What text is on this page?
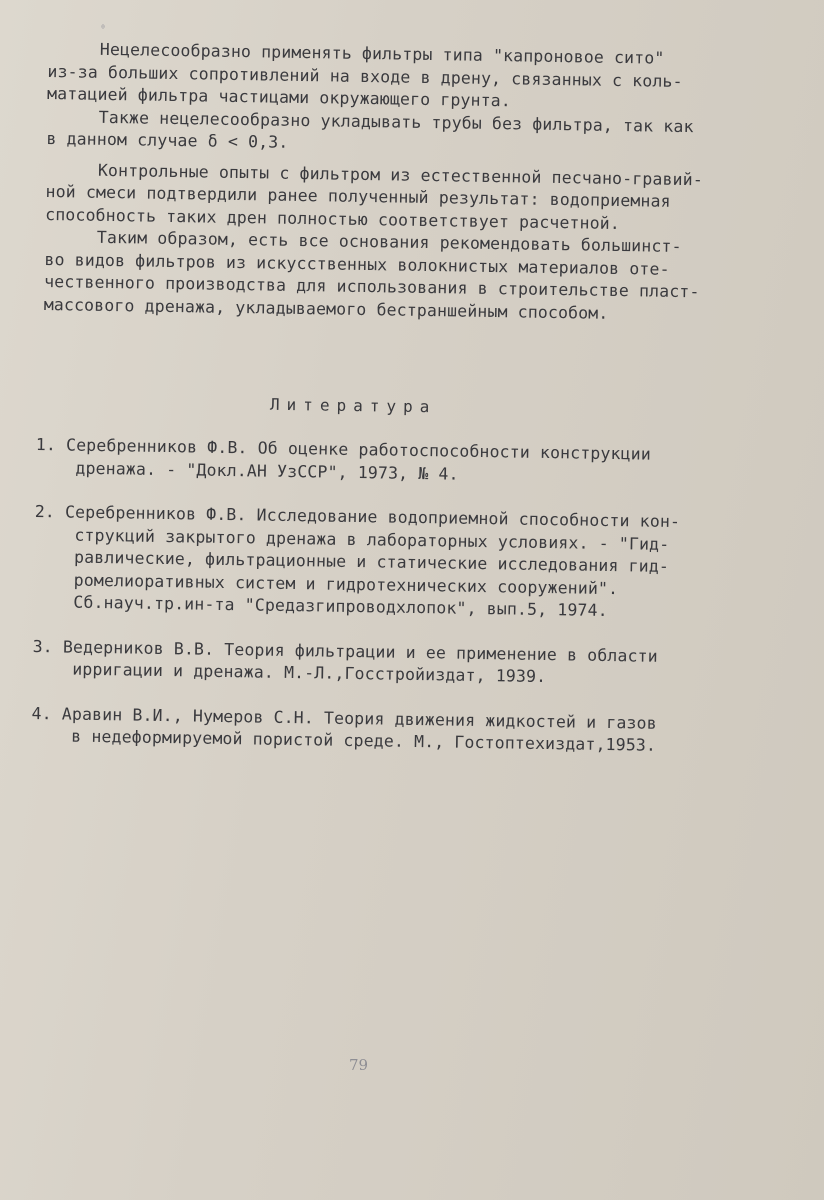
⁰

Нецелесообразно применять фильтры типа "капроновое сито"
из-за больших сопротивлений на входе в дрену, связанных с коль-
матацией фильтра частицами окружающего грунта.

Также нецелесообразно укладывать трубы без фильтра, так как
в данном случае δ < 0,3.

Контрольные опыты с фильтром из естественной песчано-гравий-
ной смеси подтвердили ранее полученный результат: водоприемная
способность таких дрен полностью соответствует расчетной.

Таким образом, есть все основания рекомендовать большинст-
во видов фильтров из искусственных волокнистых материалов оте-
чественного производства для использования в строительстве пласт-
массового дренажа, укладываемого бестраншейным способом.

Литература
1. Серебренников Ф.В. Об оценке работоспособности конструкции
дренажа. - "Докл.АН УзССР", 1973, № 4.
2. Серебренников Ф.В. Исследование водоприемной способности кон-
струкций закрытого дренажа в лабораторных условиях. - "Гид-
равлические, фильтрационные и статические исследования гид-
ромелиоративных систем и гидротехнических сооружений".
Сб.науч.тр.ин-та "Средазгипроводхлопок", вып.5, 1974.
3. Ведерников В.В. Теория фильтрации и ее применение в области
ирригации и дренажа. М.-Л.,Госстройиздат, 1939.
4. Аравин В.И., Нумеров С.Н. Теория движения жидкостей и газов
в недеформируемой пористой среде. М., Гостоптехиздат,1953.
79
